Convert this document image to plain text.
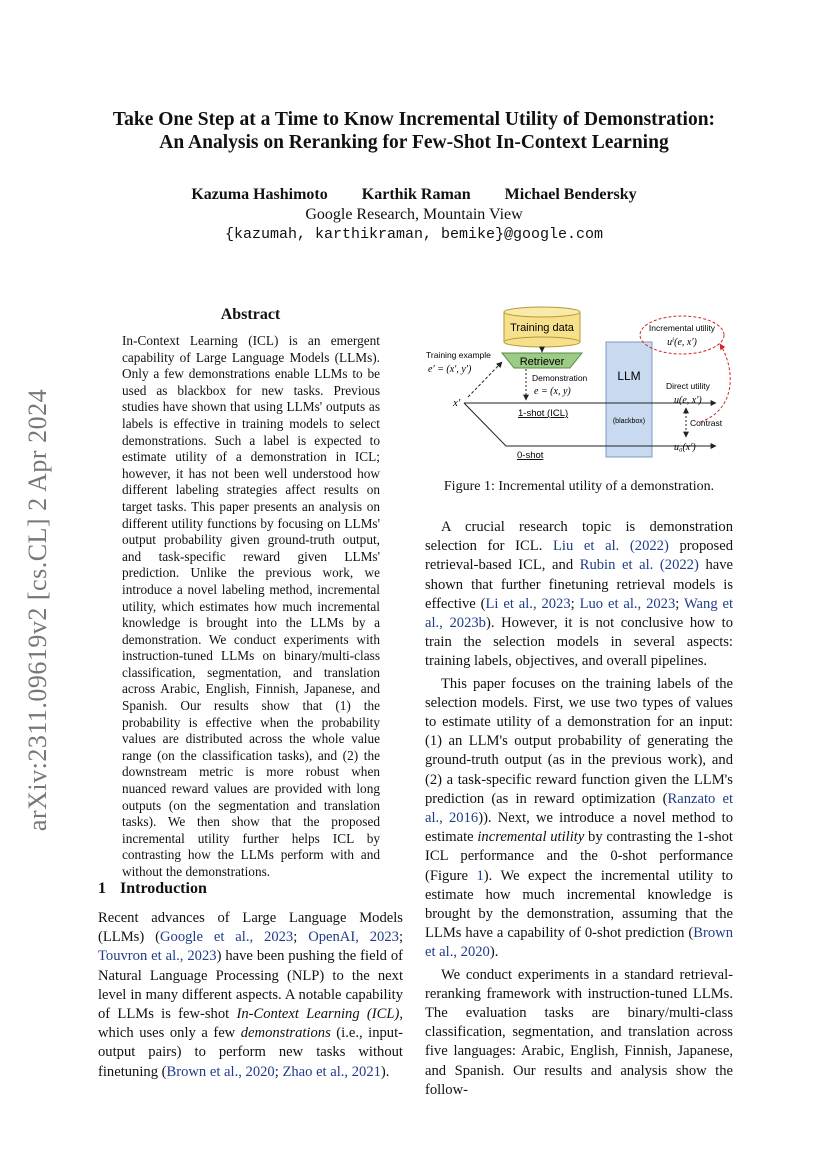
arXiv:2311.09619v2 [cs.CL] 2 Apr 2024
Take One Step at a Time to Know Incremental Utility of Demonstration:
An Analysis on Reranking for Few-Shot In-Context Learning
Kazuma Hashimoto Karthik Raman Michael Bendersky
Google Research, Mountain View
{kazumah, karthikraman, bemike}@google.com
Abstract
In-Context Learning (ICL) is an emergent capability of Large Language Models (LLMs). Only a few demonstrations enable LLMs to be used as blackbox for new tasks. Previous studies have shown that using LLMs' outputs as labels is effective in training models to select demonstrations. Such a label is expected to estimate utility of a demonstration in ICL; however, it has not been well understood how different labeling strategies affect results on target tasks. This paper presents an analysis on different utility functions by focusing on LLMs' output probability given ground-truth output, and task-specific reward given LLMs' prediction. Unlike the previous work, we introduce a novel labeling method, incremental utility, which estimates how much incremental knowledge is brought into the LLMs by a demonstration. We conduct experiments with instruction-tuned LLMs on binary/multi-class classification, segmentation, and translation across Arabic, English, Finnish, Japanese, and Spanish. Our results show that (1) the probability is effective when the probability values are distributed across the whole value range (on the classification tasks), and (2) the downstream metric is more robust when nuanced reward values are provided with long outputs (on the segmentation and translation tasks). We then show that the proposed incremental utility further helps ICL by contrasting how the LLMs perform with and without the demonstrations.
1 Introduction

Recent advances of Large Language Models (LLMs) (Google et al., 2023; OpenAI, 2023; Touvron et al., 2023) have been pushing the field of Natural Language Processing (NLP) to the next level in many different aspects. A notable capability of LLMs is few-shot In-Context Learning (ICL), which uses only a few demonstrations (i.e., input-output pairs) to perform new tasks without finetuning (Brown et al., 2020; Zhao et al., 2021).

Training data
Retriever
LLM
(blackbox)
Training example
e′ = (x′, y′)
Demonstration
e = (x, y)
x′
1-shot (ICL)
0-shot
Direct utility
u(e, x′)
Contrast
u₀(x′)
Incremental utility
uⁱ(e, x′)
Figure 1: Incremental utility of a demonstration.

A crucial research topic is demonstration selection for ICL. Liu et al. (2022) proposed retrieval-based ICL, and Rubin et al. (2022) have shown that further finetuning retrieval models is effective (Li et al., 2023; Luo et al., 2023; Wang et al., 2023b). However, it is not conclusive how to train the selection models in several aspects: training labels, objectives, and overall pipelines.

This paper focuses on the training labels of the selection models. First, we use two types of values to estimate utility of a demonstration for an input: (1) an LLM's output probability of generating the ground-truth output (as in the previous work), and (2) a task-specific reward function given the LLM's prediction (as in reward optimization (Ranzato et al., 2016)). Next, we introduce a novel method to estimate incremental utility by contrasting the 1-shot ICL performance and the 0-shot performance (Figure 1). We expect the incremental utility to estimate how much incremental knowledge is brought by the demonstration, assuming that the LLMs have a capability of 0-shot prediction (Brown et al., 2020).

We conduct experiments in a standard retrieval-reranking framework with instruction-tuned LLMs. The evaluation tasks are binary/multi-class classification, segmentation, and translation across five languages: Arabic, English, Finnish, Japanese, and Spanish. Our results and analysis show the follow-
